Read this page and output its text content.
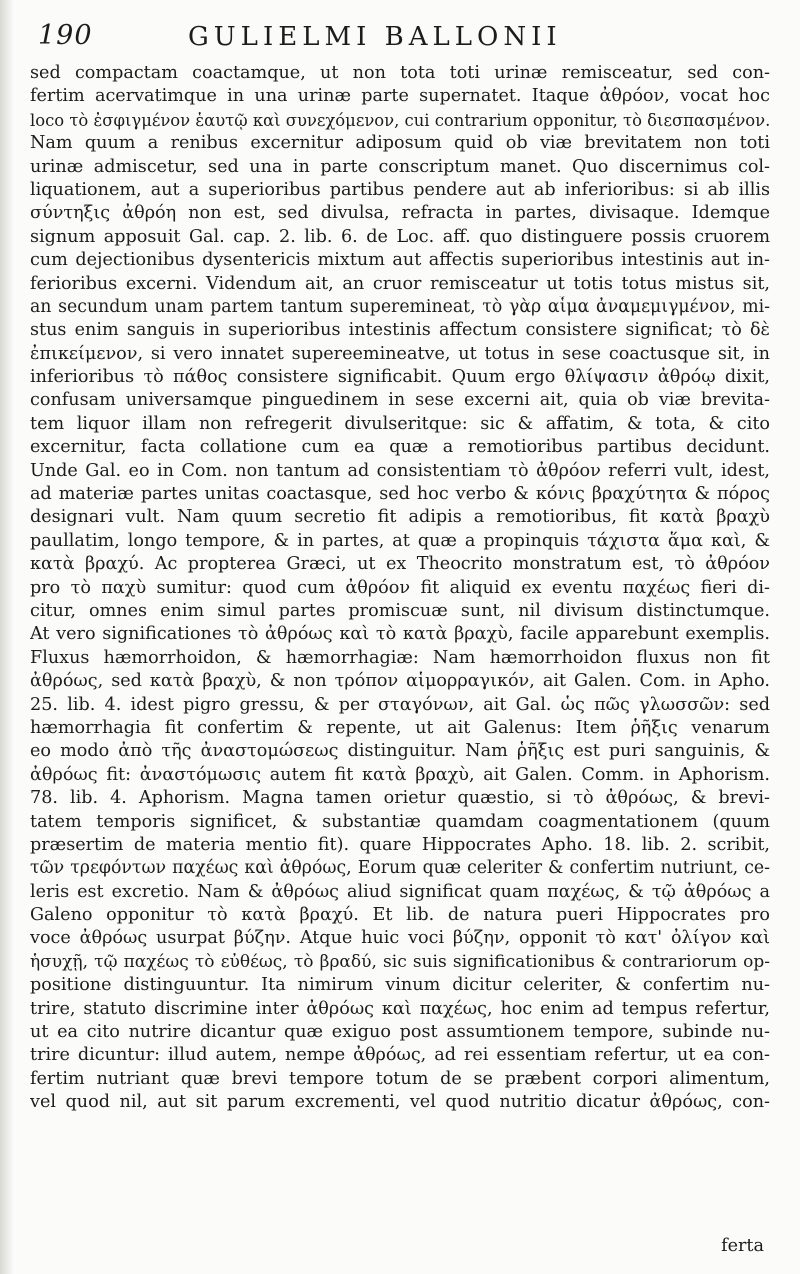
190	GULIELMI BALLONII
sed compactam coactamque, ut non tota toti urinæ remisceatur, sed con-
fertim acervatimque in una urinæ parte supernatet. Itaque ἀθρόον, vocat hoc
loco τὸ ἐσφιγμένον ἑαυτῷ καὶ συνεχόμενον, cui contrarium opponitur, τὸ διεσπασμένον.
Nam quum a renibus excernitur adiposum quid ob viæ brevitatem non toti
urinæ admiscetur, sed una in parte conscriptum manet. Quo discernimus col-
liquationem, aut a superioribus partibus pendere aut ab inferioribus: si ab illis
σύντηξις ἀθρόη non est, sed divulsa, refracta in partes, divisaque. Idemque
signum apposuit Gal. cap. 2. lib. 6. de Loc. aff. quo distinguere possis cruorem
cum dejectionibus dysentericis mixtum aut affectis superioribus intestinis aut in-
ferioribus excerni. Videndum ait, an cruor remisceatur ut totis totus mistus sit,
an secundum unam partem tantum superemineat, τὸ γὰρ αἷμα ἀναμεμιγμένον, mi-
stus enim sanguis in superioribus intestinis affectum consistere significat; τὸ δὲ
ἐπικείμενον, si vero innatet supereemineatve, ut totus in sese coactusque sit, in
inferioribus τὸ πάθος consistere significabit. Quum ergo θλίψασιν ἀθρόῳ dixit,
confusam universamque pinguedinem in sese excerni ait, quia ob viæ brevita-
tem liquor illam non refregerit divulseritque: sic & affatim, & tota, & cito
excernitur, facta collatione cum ea quæ a remotioribus partibus decidunt.
Unde Gal. eo in Com. non tantum ad consistentiam τὸ ἀθρόον referri vult, idest,
ad materiæ partes unitas coactasque, sed hoc verbo & κόνις βραχύτητα & πόρος
designari vult. Nam quum secretio fit adipis a remotioribus, fit κατὰ βραχὺ
paullatim, longo tempore, & in partes, at quæ a propinquis τάχιστα ἅμα καὶ, &
κατὰ βραχύ. Ac propterea Græci, ut ex Theocrito monstratum est, τὸ ἀθρόον
pro τὸ παχὺ sumitur: quod cum ἀθρόον fit aliquid ex eventu παχέως fieri di-
citur, omnes enim simul partes promiscuæ sunt, nil divisum distinctumque.
At vero significationes τὸ ἀθρόως καὶ τὸ κατὰ βραχὺ, facile apparebunt exemplis.
Fluxus hæmorrhoidon, & hæmorrhagiæ: Nam hæmorrhoidon fluxus non fit
ἀθρόως, sed κατὰ βραχὺ, & non τρόπον αἱμορραγικόν, ait Galen. Com. in Apho.
25. lib. 4. idest pigro gressu, & per σταγόνων, ait Gal. ὡς πῶς γλωσσῶν: sed
hæmorrhagia fit confertim & repente, ut ait Galenus: Item ῥῆξις venarum
eo modo ἀπὸ τῆς ἀναστομώσεως distinguitur. Nam ῥῆξις est puri sanguinis, &
ἀθρόως fit: ἀναστόμωσις autem fit κατὰ βραχὺ, ait Galen. Comm. in Aphorism.
78. lib. 4. Aphorism. Magna tamen orietur quæstio, si τὸ ἀθρόως, & brevi-
tatem temporis significet, & substantiæ quamdam coagmentationem (quum
præsertim de materia mentio fit). quare Hippocrates Apho. 18. lib. 2. scribit,
τῶν τρεφόντων παχέως καὶ ἀθρόως, Eorum quæ celeriter & confertim nutriunt, ce-
leris est excretio. Nam & ἀθρόως aliud significat quam παχέως, & τῷ ἀθρόως a
Galeno opponitur τὸ κατὰ βραχύ. Et lib. de natura pueri Hippocrates pro
voce ἀθρόως usurpat βύζην. Atque huic voci βύζην, opponit τὸ κατ' ὀλίγον καὶ
ἡσυχῇ, τῷ παχέως τὸ εὐθέως, τὸ βραδύ, sic suis significationibus & contrariorum op-
positione distinguuntur. Ita nimirum vinum dicitur celeriter, & confertim nu-
trire, statuto discrimine inter ἀθρόως καὶ παχέως, hoc enim ad tempus refertur,
ut ea cito nutrire dicantur quæ exiguo post assumtionem tempore, subinde nu-
trire dicuntur: illud autem, nempe ἀθρόως, ad rei essentiam refertur, ut ea con-
fertim nutriant quæ brevi tempore totum de se præbent corpori alimentum,
vel quod nil, aut sit parum excrementi, vel quod nutritio dicatur ἀθρόως, con-
ferta
